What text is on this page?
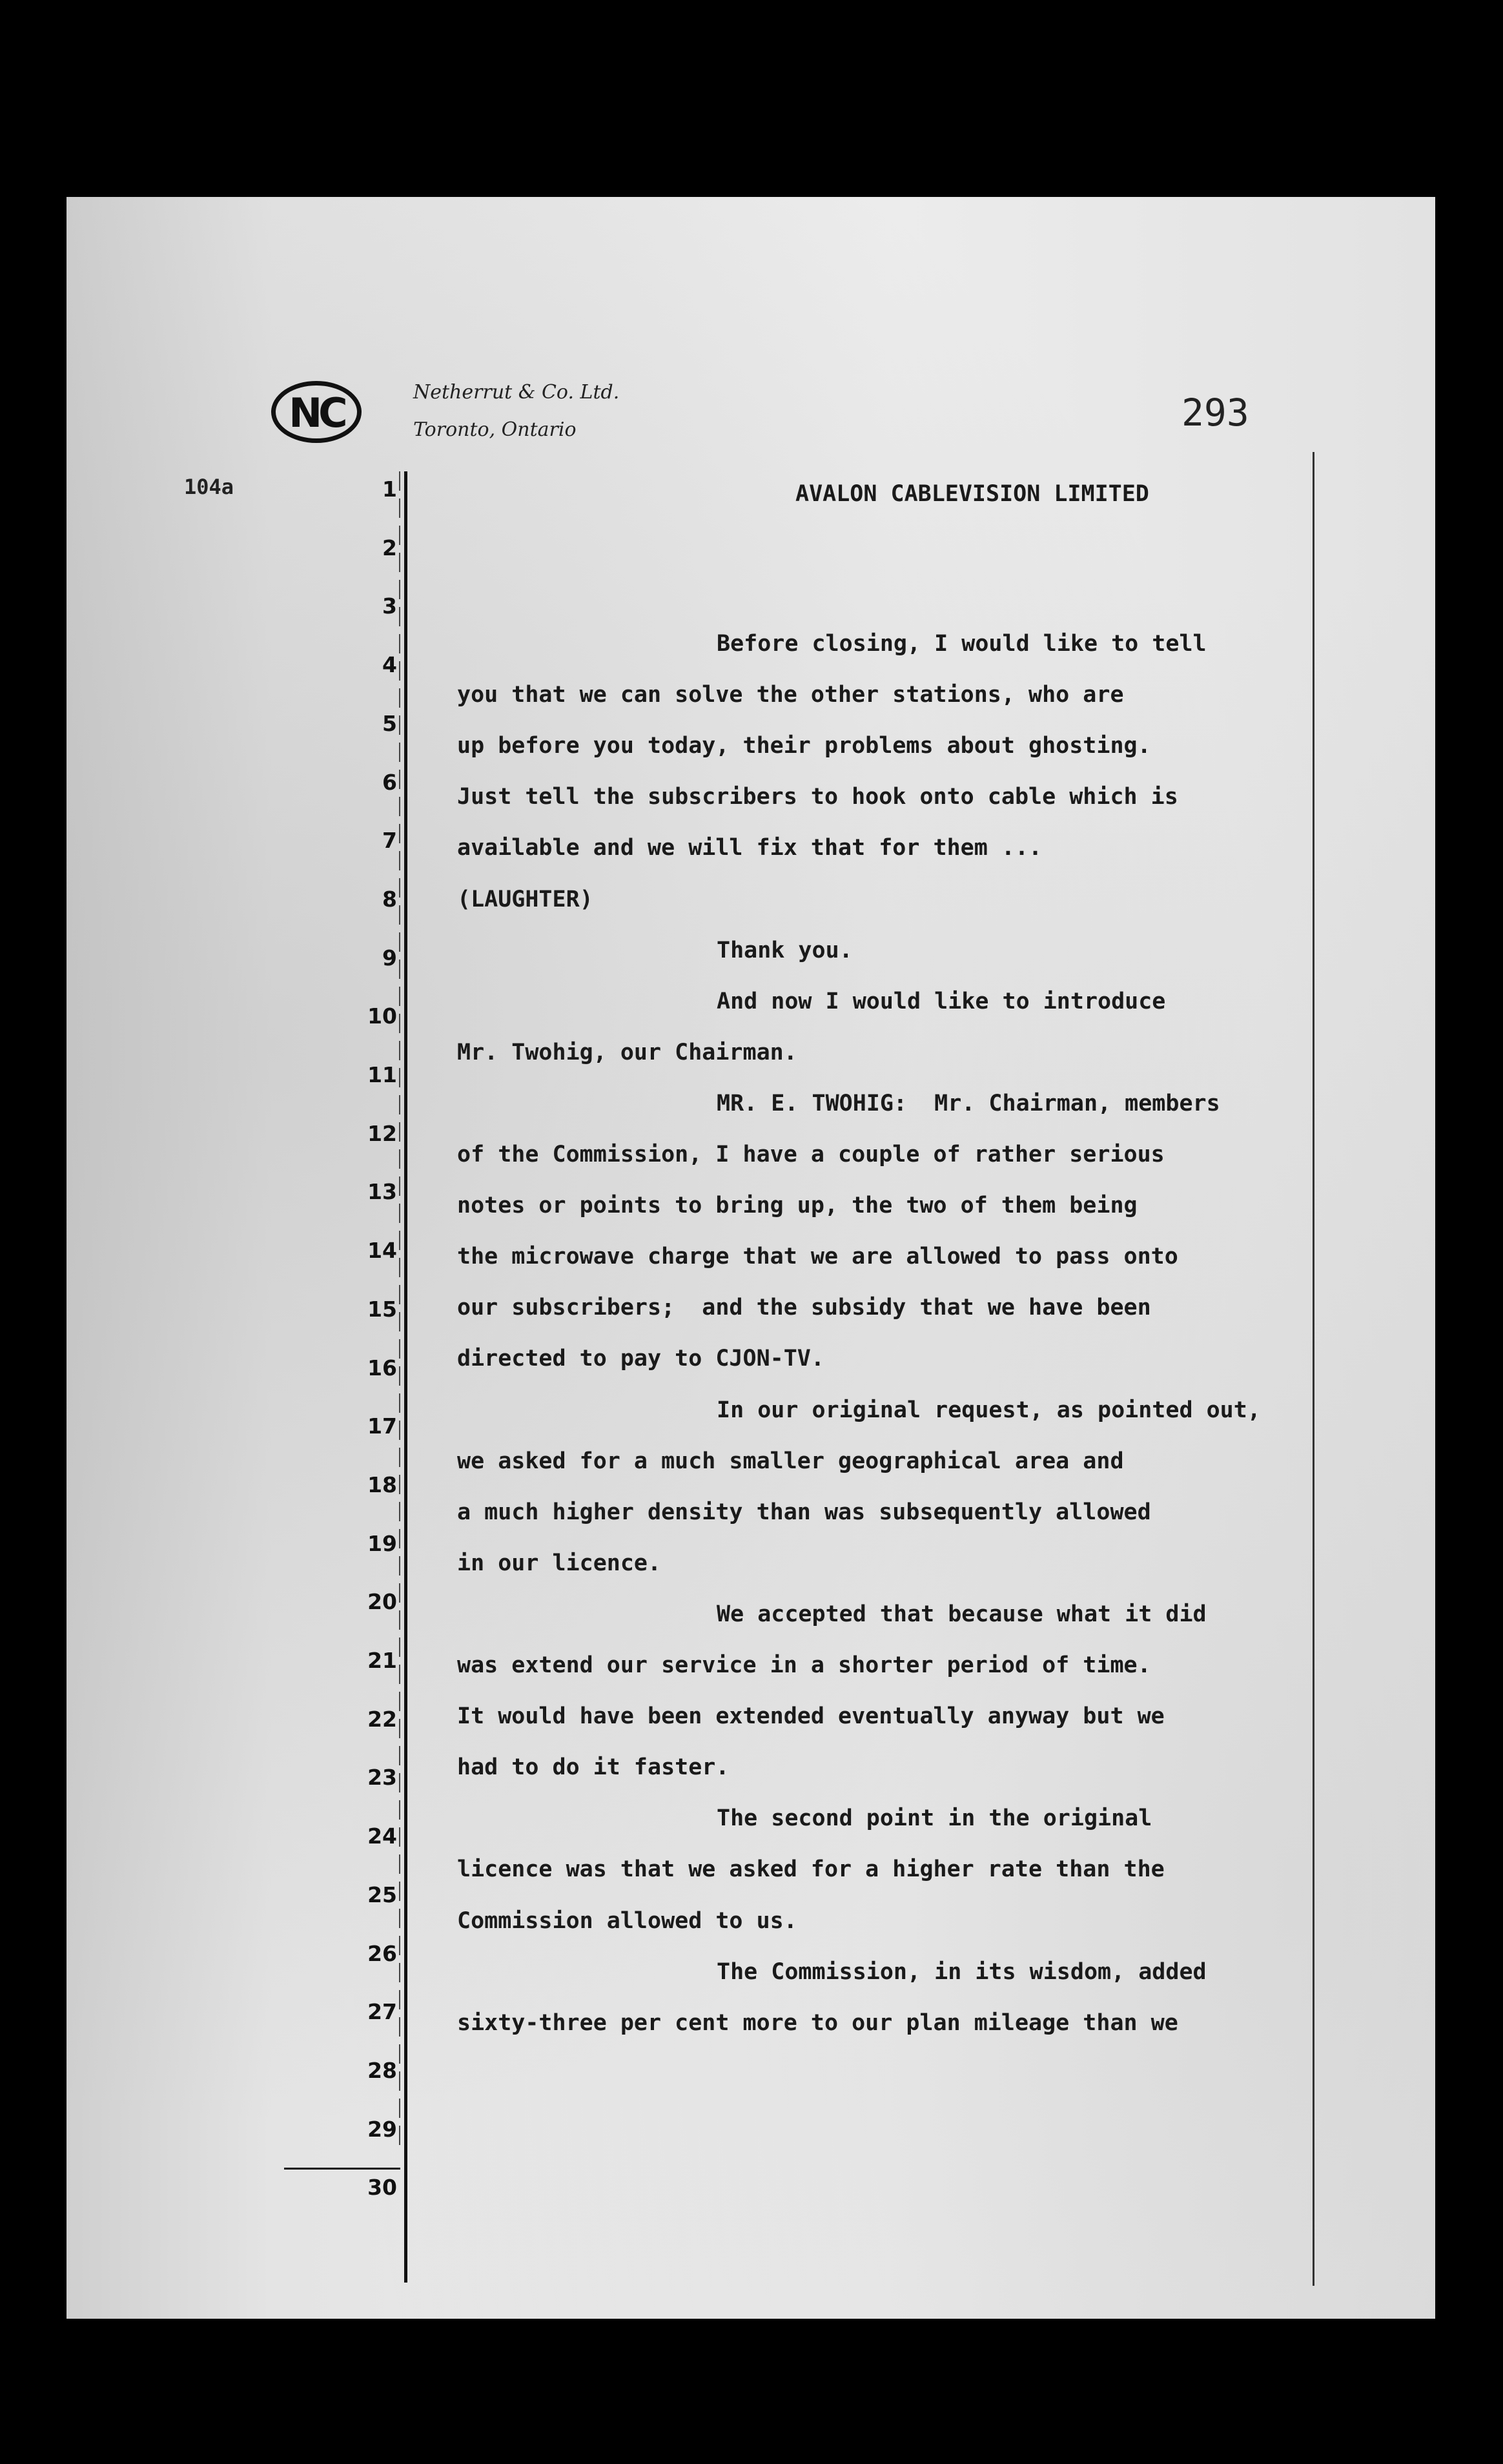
NC	Netherrut & Co. Ltd.
Toronto, Ontario	293
104a	AVALON CABLEVISION LIMITED
1
2
3
4
5
6
7
8
9
10
11
12
13
14
15
16
17
18
19
20
21
22
23
24
25
26
27
28
29
30
Before closing, I would like to tell
you that we can solve the other stations, who are
up before you today, their problems about ghosting.
Just tell the subscribers to hook onto cable which is
available and we will fix that for them ...
(LAUGHTER)
Thank you.
And now I would like to introduce
Mr. Twohig, our Chairman.
MR. E. TWOHIG:  Mr. Chairman, members
of the Commission, I have a couple of rather serious
notes or points to bring up, the two of them being
the microwave charge that we are allowed to pass onto
our subscribers;  and the subsidy that we have been
directed to pay to CJON-TV.
In our original request, as pointed out,
we asked for a much smaller geographical area and
a much higher density than was subsequently allowed
in our licence.
We accepted that because what it did
was extend our service in a shorter period of time.
It would have been extended eventually anyway but we
had to do it faster.
The second point in the original
licence was that we asked for a higher rate than the
Commission allowed to us.
The Commission, in its wisdom, added
sixty-three per cent more to our plan mileage than we
